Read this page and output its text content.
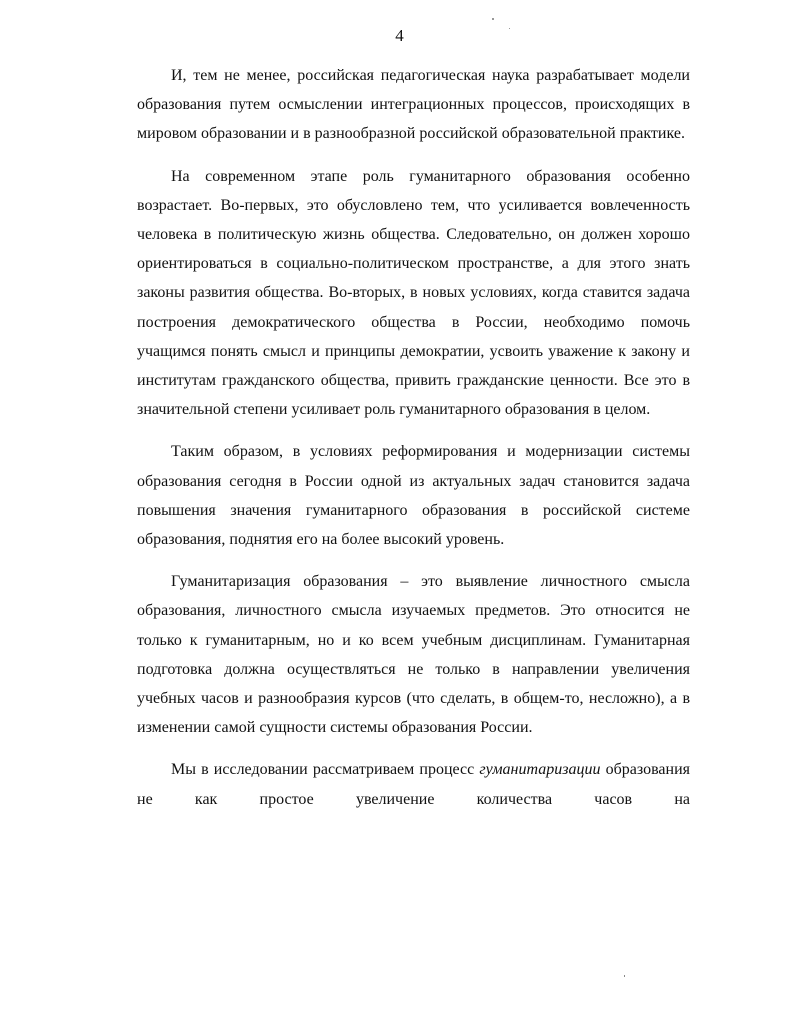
4

И, тем не менее, российская педагогическая наука разрабатывает модели образования путем осмыслении интеграционных процессов, происходящих в мировом образовании и в разнообразной российской образовательной практике.

На современном этапе роль гуманитарного образования особенно возрастает. Во-первых, это обусловлено тем, что усиливается вовлеченность человека в политическую жизнь общества. Следовательно, он должен хорошо ориентироваться в социально-политическом пространстве, а для этого знать законы развития общества. Во-вторых, в новых условиях, когда ставится задача построения демократического общества в России, необходимо помочь учащимся понять смысл и принципы демократии, усвоить уважение к закону и институтам гражданского общества, привить гражданские ценности. Все это в значительной степени усиливает роль гуманитарного образования в целом.

Таким образом, в условиях реформирования и модернизации системы образования сегодня в России одной из актуальных задач становится задача повышения значения гуманитарного образования в российской системе образования, поднятия его на более высокий уровень.

Гуманитаризация образования – это выявление личностного смысла образования, личностного смысла изучаемых предметов. Это относится не только к гуманитарным, но и ко всем учебным дисциплинам. Гуманитарная подготовка должна осуществляться не только в направлении увеличения учебных часов и разнообразия курсов (что сделать, в общем-то, несложно), а в изменении самой сущности системы образования России.

Мы в исследовании рассматриваем процесс гуманитаризации образования не как простое увеличение количества часов на
